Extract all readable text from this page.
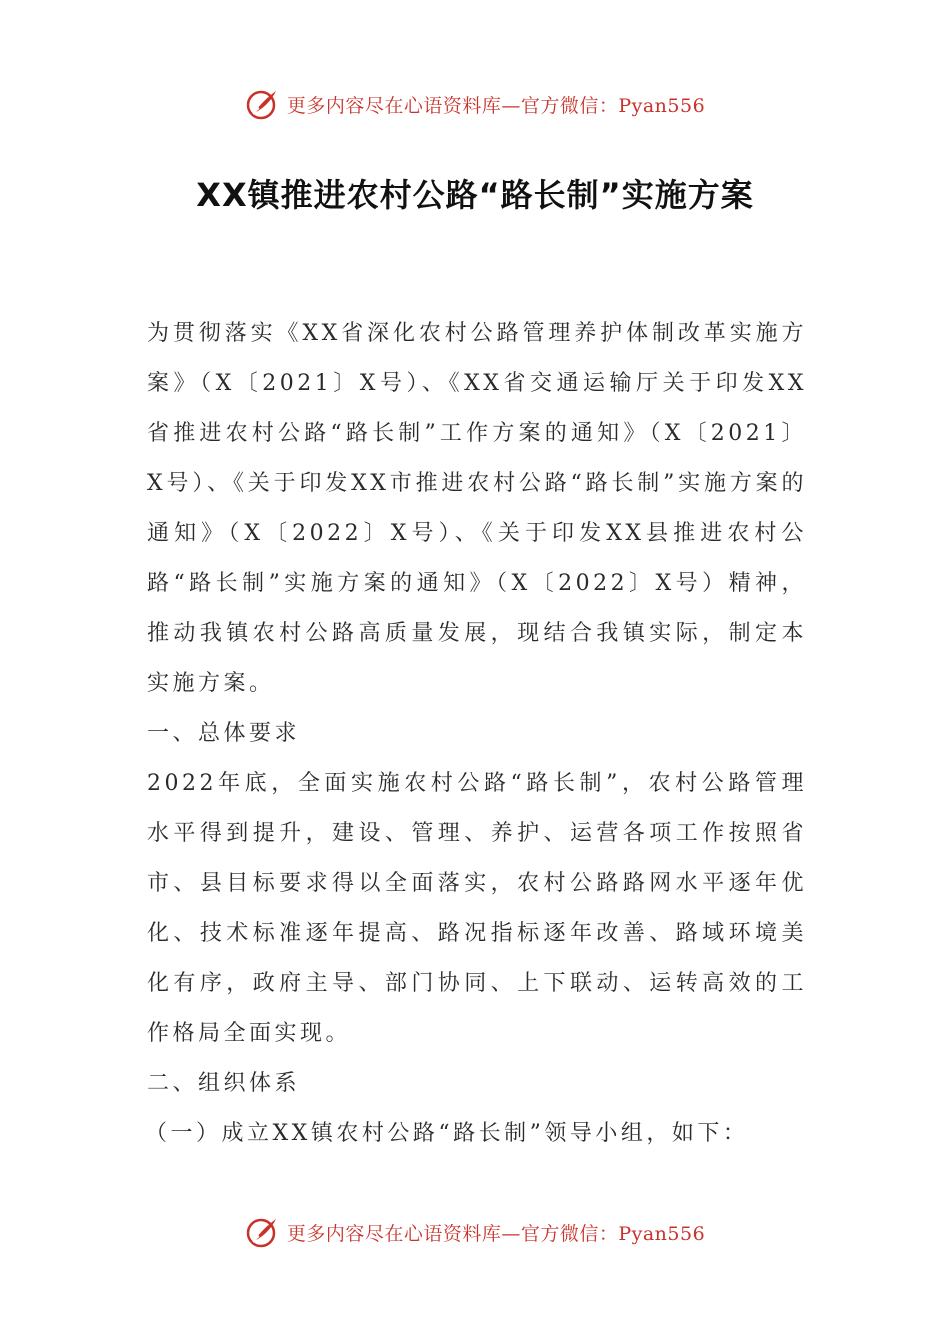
更多内容尽在心语资料库—官方微信：Pyan556
XX镇推进农村公路“路长制”实施方案

为贯彻落实《XX省深化农村公路管理养护体制改革实施方案》（X〔2021〕X号）、《XX省交通运输厅关于印发XX省推进农村公路“路长制”工作方案的通知》（X〔2021〕X号）、《关于印发XX市推进农村公路“路长制”实施方案的通知》（X〔2022〕X号）、《关于印发XX县推进农村公路“路长制”实施方案的通知》（X〔2022〕X号）精神，推动我镇农村公路高质量发展，现结合我镇实际，制定本实施方案。

一、总体要求

2022年底，全面实施农村公路“路长制”，农村公路管理水平得到提升，建设、管理、养护、运营各项工作按照省市、县目标要求得以全面落实，农村公路路网水平逐年优化、技术标准逐年提高、路况指标逐年改善、路域环境美化有序，政府主导、部门协同、上下联动、运转高效的工作格局全面实现。

二、组织体系

（一）成立XX镇农村公路“路长制”领导小组，如下：

更多内容尽在心语资料库—官方微信：Pyan556
